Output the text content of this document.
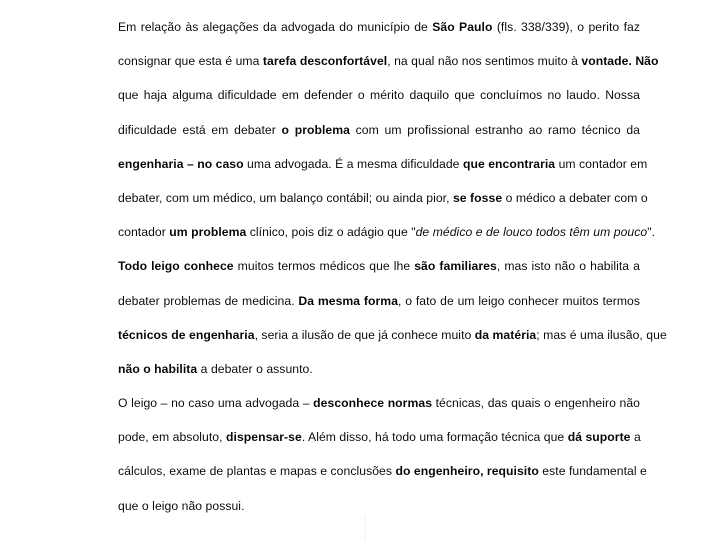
Em relação às alegações da advogada do município de São Paulo (fls. 338/339), o perito faz
consignar que esta é uma tarefa desconfortável, na qual não nos sentimos muito à vontade. Não
que haja alguma dificuldade em defender o mérito daquilo que concluímos no laudo. Nossa
dificuldade está em debater o problema com um profissional estranho ao ramo técnico da
engenharia – no caso uma advogada. É a mesma dificuldade que encontraria um contador em
debater, com um médico, um balanço contábil; ou ainda pior, se fosse o médico a debater com o
contador um problema clínico, pois diz o adágio que "de médico e de louco todos têm um pouco".
Todo leigo conhece muitos termos médicos que lhe são familiares, mas isto não o habilita a
debater problemas de medicina. Da mesma forma, o fato de um leigo conhecer muitos termos
técnicos de engenharia, seria a ilusão de que já conhece muito da matéria; mas é uma ilusão, que
não o habilita a debater o assunto.
O leigo – no caso uma advogada – desconhece normas técnicas, das quais o engenheiro não
pode, em absoluto, dispensar-se. Além disso, há todo uma formação técnica que dá suporte a
cálculos, exame de plantas e mapas e conclusões do engenheiro, requisito este fundamental e
que o leigo não possui.
